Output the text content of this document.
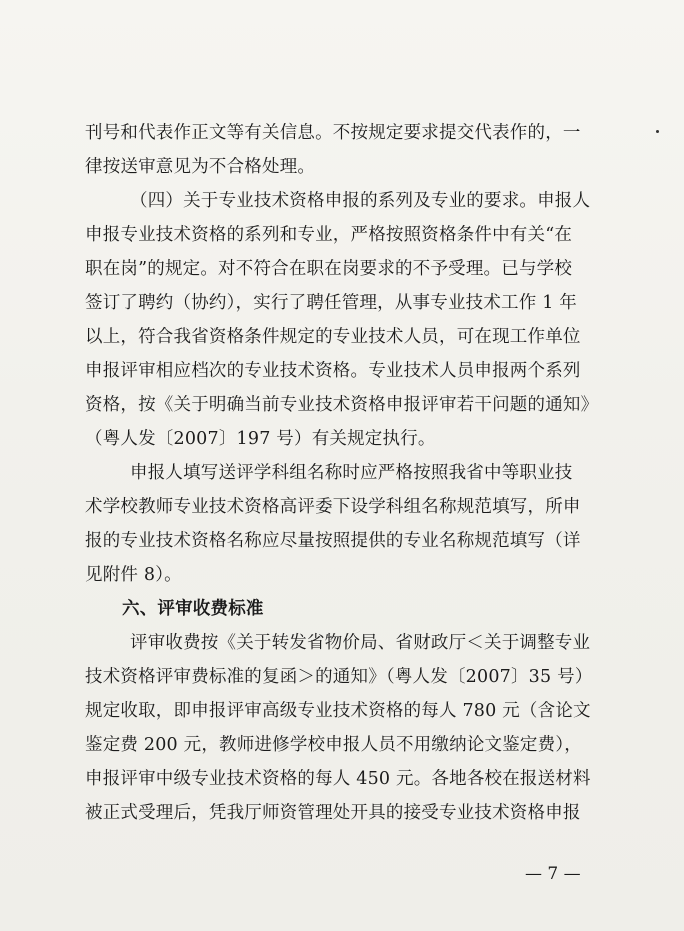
刊号和代表作正文等有关信息。不按规定要求提交代表作的，一
律按送审意见为不合格处理。
（四）关于专业技术资格申报的系列及专业的要求。申报人
申报专业技术资格的系列和专业，严格按照资格条件中有关“在
职在岗”的规定。对不符合在职在岗要求的不予受理。已与学校
签订了聘约（协约），实行了聘任管理，从事专业技术工作 1 年
以上，符合我省资格条件规定的专业技术人员，可在现工作单位
申报评审相应档次的专业技术资格。专业技术人员申报两个系列
资格，按《关于明确当前专业技术资格申报评审若干问题的通知》
（粤人发〔2007〕197 号）有关规定执行。
申报人填写送评学科组名称时应严格按照我省中等职业技
术学校教师专业技术资格高评委下设学科组名称规范填写，所申
报的专业技术资格名称应尽量按照提供的专业名称规范填写（详
见附件 8）。
六、评审收费标准
评审收费按《关于转发省物价局、省财政厅＜关于调整专业
技术资格评审费标准的复函＞的通知》（粤人发〔2007〕35 号）
规定收取，即申报评审高级专业技术资格的每人 780 元（含论文
鉴定费 200 元，教师进修学校申报人员不用缴纳论文鉴定费），
申报评审中级专业技术资格的每人 450 元。各地各校在报送材料
被正式受理后，凭我厅师资管理处开具的接受专业技术资格申报
— 7 —
